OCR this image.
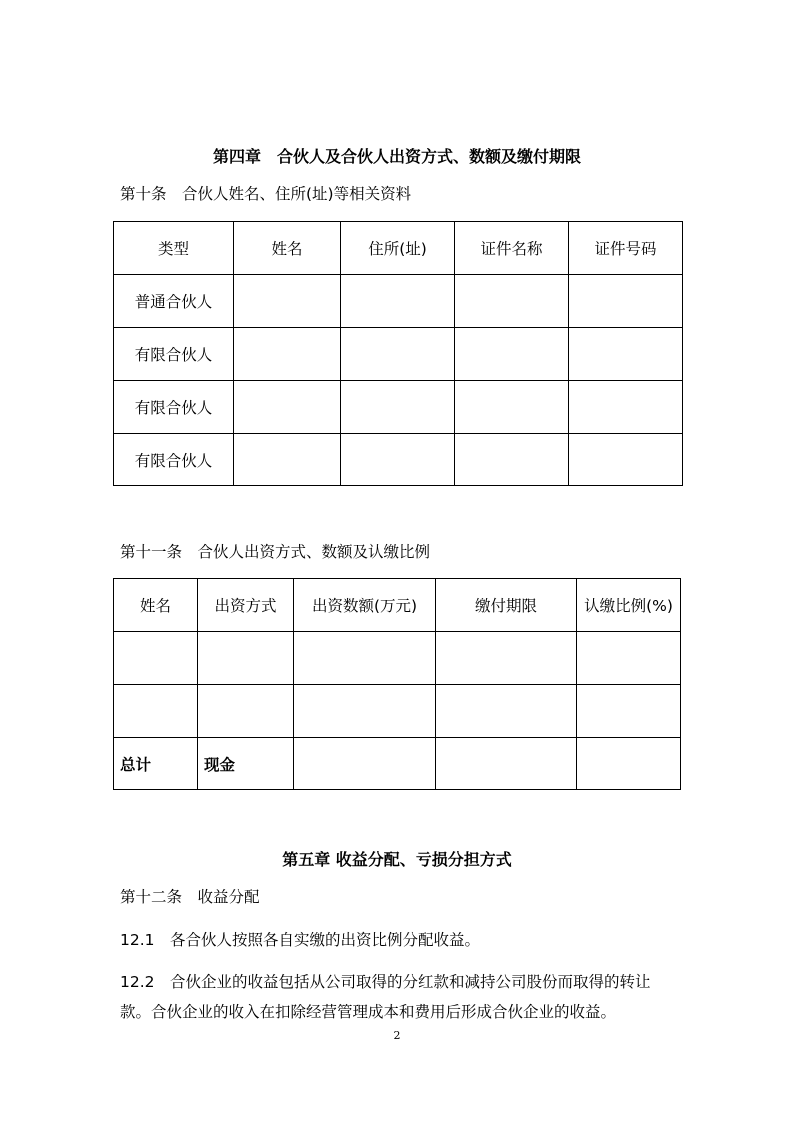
第四章　合伙人及合伙人出资方式、数额及缴付期限
第十条　合伙人姓名、住所(址)等相关资料
类型	姓名	住所(址)	证件名称	证件号码
普通合伙人				
有限合伙人				
有限合伙人				
有限合伙人				
第十一条　合伙人出资方式、数额及认缴比例
姓名	出资方式	出资数额(万元)	缴付期限	认缴比例(%)

总计	现金			
第五章 收益分配、亏损分担方式
第十二条　收益分配
12.1　各合伙人按照各自实缴的出资比例分配收益。
12.2　合伙企业的收益包括从公司取得的分红款和减持公司股份而取得的转让
款。合伙企业的收入在扣除经营管理成本和费用后形成合伙企业的收益。
2
